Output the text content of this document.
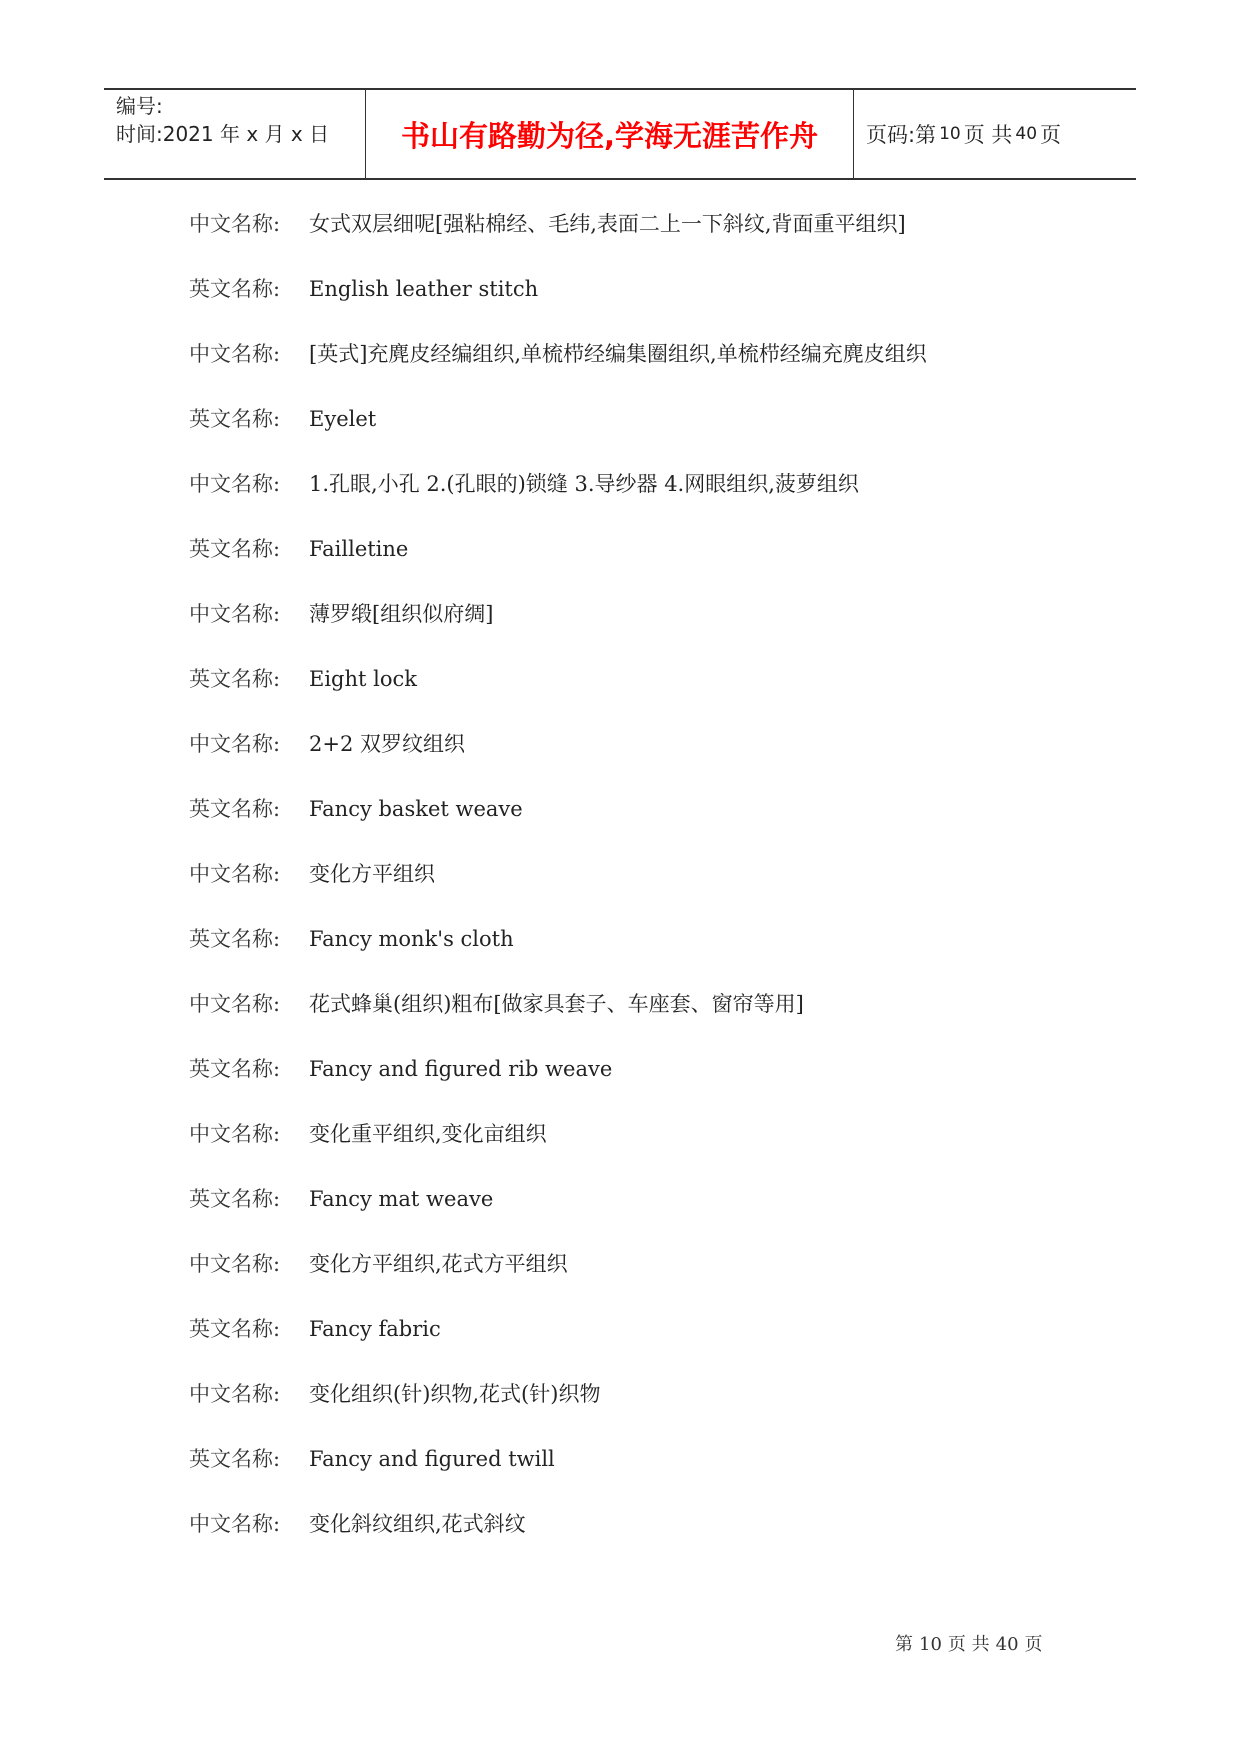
编号:
时间:2021 年 x 月 x 日	书山有路勤为径,学海无涯苦作舟	页码:第 10 页 共 40 页
中文名称:	女式双层细呢[强粘棉经、毛纬,表面二上一下斜纹,背面重平组织]
英文名称:	English leather stitch
中文名称:	[英式]充麂皮经编组织,单梳栉经编集圈组织,单梳栉经编充麂皮组织
英文名称:	Eyelet
中文名称:	1.孔眼,小孔 2.(孔眼的)锁缝 3.导纱器 4.网眼组织,菠萝组织
英文名称:	Failletine
中文名称:	薄罗缎[组织似府绸]
英文名称:	Eight lock
中文名称:	2+2 双罗纹组织
英文名称:	Fancy basket weave
中文名称:	变化方平组织
英文名称:	Fancy monk's cloth
中文名称:	花式蜂巢(组织)粗布[做家具套子、车座套、窗帘等用]
英文名称:	Fancy and figured rib weave
中文名称:	变化重平组织,变化亩组织
英文名称:	Fancy mat weave
中文名称:	变化方平组织,花式方平组织
英文名称:	Fancy fabric
中文名称:	变化组织(针)织物,花式(针)织物
英文名称:	Fancy and figured twill
中文名称:	变化斜纹组织,花式斜纹
第 10 页 共 40 页
